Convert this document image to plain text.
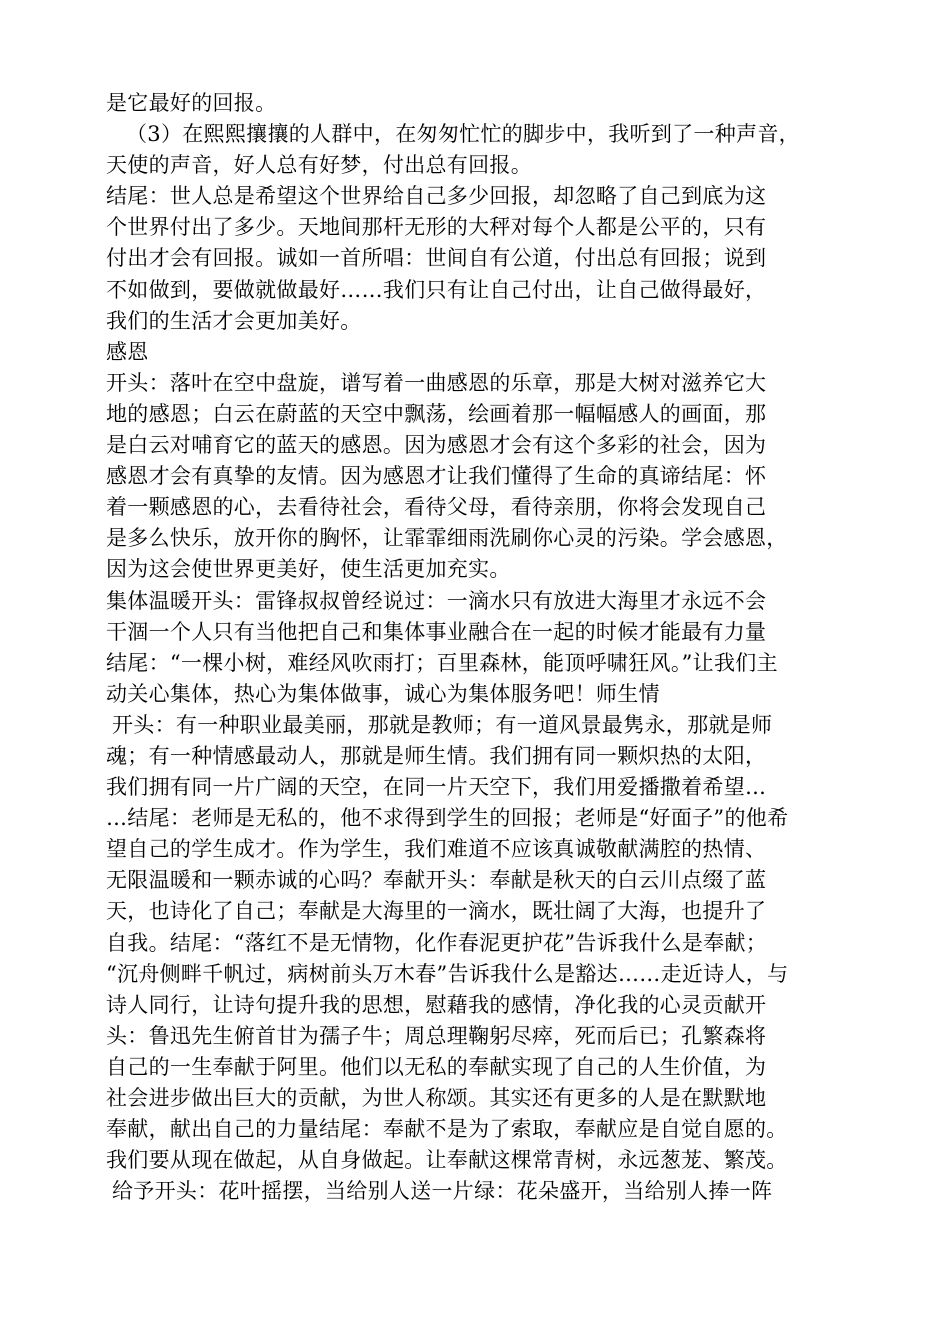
是它最好的回报。
（3）在熙熙攘攘的人群中，在匆匆忙忙的脚步中，我听到了一种声音，
天使的声音，好人总有好梦，付出总有回报。
结尾：世人总是希望这个世界给自己多少回报，却忽略了自己到底为这
个世界付出了多少。天地间那杆无形的大秤对每个人都是公平的，只有
付出才会有回报。诚如一首所唱：世间自有公道，付出总有回报；说到
不如做到，要做就做最好……我们只有让自己付出，让自己做得最好，
我们的生活才会更加美好。
感恩
开头：落叶在空中盘旋，谱写着一曲感恩的乐章，那是大树对滋养它大
地的感恩；白云在蔚蓝的天空中飘荡，绘画着那一幅幅感人的画面，那
是白云对哺育它的蓝天的感恩。因为感恩才会有这个多彩的社会，因为
感恩才会有真挚的友情。因为感恩才让我们懂得了生命的真谛结尾：怀
着一颗感恩的心，去看待社会，看待父母，看待亲朋，你将会发现自己
是多么快乐，放开你的胸怀，让霏霏细雨洗刷你心灵的污染。学会感恩，
因为这会使世界更美好，使生活更加充实。
集体温暖开头：雷锋叔叔曾经说过：一滴水只有放进大海里才永远不会
干涸一个人只有当他把自己和集体事业融合在一起的时候才能最有力量
结尾：“一棵小树，难经风吹雨打；百里森林，能顶呼啸狂风。”让我们主
动关心集体，热心为集体做事，诚心为集体服务吧！师生情
开头：有一种职业最美丽，那就是教师；有一道风景最隽永，那就是师
魂；有一种情感最动人，那就是师生情。我们拥有同一颗炽热的太阳，
我们拥有同一片广阔的天空，在同一片天空下，我们用爱播撒着希望…
…结尾：老师是无私的，他不求得到学生的回报；老师是“好面子”的他希
望自己的学生成才。作为学生，我们难道不应该真诚敬献满腔的热情、
无限温暖和一颗赤诚的心吗？奉献开头：奉献是秋天的白云川点缀了蓝
天，也诗化了自己；奉献是大海里的一滴水，既壮阔了大海，也提升了
自我。结尾：“落红不是无情物，化作春泥更护花”告诉我什么是奉献；
“沉舟侧畔千帆过，病树前头万木春”告诉我什么是豁达……走近诗人，与
诗人同行，让诗句提升我的思想，慰藉我的感情，净化我的心灵贡献开
头：鲁迅先生俯首甘为孺子牛；周总理鞠躬尽瘁，死而后已；孔繁森将
自己的一生奉献于阿里。他们以无私的奉献实现了自己的人生价值，为
社会进步做出巨大的贡献，为世人称颂。其实还有更多的人是在默默地
奉献，献出自己的力量结尾：奉献不是为了索取，奉献应是自觉自愿的。
我们要从现在做起，从自身做起。让奉献这棵常青树，永远葱茏、繁茂。
给予开头：花叶摇摆，当给别人送一片绿：花朵盛开，当给别人捧一阵
